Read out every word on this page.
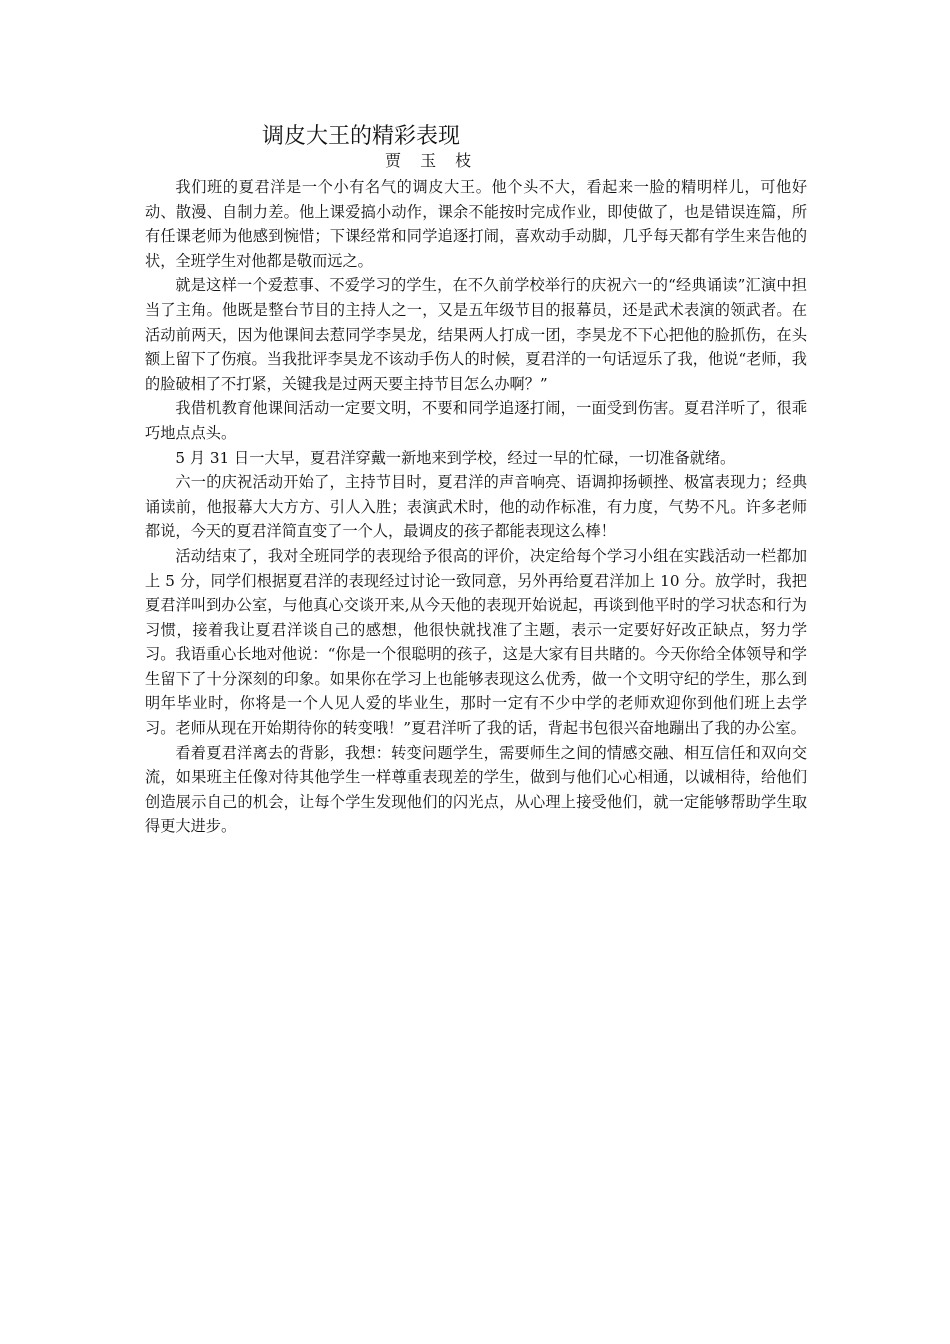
调皮大王的精彩表现
贾 玉 枝

我们班的夏君洋是一个小有名气的调皮大王。他个头不大，看起来一脸的精明样儿，可他好动、散漫、自制力差。他上课爱搞小动作，课余不能按时完成作业，即使做了，也是错误连篇，所有任课老师为他感到惋惜；下课经常和同学追逐打闹，喜欢动手动脚，几乎每天都有学生来告他的状，全班学生对他都是敬而远之。

就是这样一个爱惹事、不爱学习的学生，在不久前学校举行的庆祝六一的“经典诵读”汇演中担当了主角。他既是整台节目的主持人之一，又是五年级节目的报幕员，还是武术表演的领武者。在活动前两天，因为他课间去惹同学李昊龙，结果两人打成一团，李昊龙不下心把他的脸抓伤，在头额上留下了伤痕。当我批评李昊龙不该动手伤人的时候，夏君洋的一句话逗乐了我，他说“老师，我的脸破相了不打紧，关键我是过两天要主持节目怎么办啊？”

我借机教育他课间活动一定要文明，不要和同学追逐打闹，一面受到伤害。夏君洋听了，很乖巧地点点头。

5 月 31 日一大早，夏君洋穿戴一新地来到学校，经过一早的忙碌，一切准备就绪。

六一的庆祝活动开始了，主持节目时，夏君洋的声音响亮、语调抑扬顿挫、极富表现力；经典诵读前，他报幕大大方方、引人入胜；表演武术时，他的动作标准，有力度，气势不凡。许多老师都说，今天的夏君洋简直变了一个人，最调皮的孩子都能表现这么棒！

活动结束了，我对全班同学的表现给予很高的评价，决定给每个学习小组在实践活动一栏都加上 5 分，同学们根据夏君洋的表现经过讨论一致同意，另外再给夏君洋加上 10 分。放学时，我把夏君洋叫到办公室，与他真心交谈开来,从今天他的表现开始说起，再谈到他平时的学习状态和行为习惯，接着我让夏君洋谈自己的感想，他很快就找准了主题，表示一定要好好改正缺点，努力学习。我语重心长地对他说：“你是一个很聪明的孩子，这是大家有目共睹的。今天你给全体领导和学生留下了十分深刻的印象。如果你在学习上也能够表现这么优秀，做一个文明守纪的学生，那么到明年毕业时，你将是一个人见人爱的毕业生，那时一定有不少中学的老师欢迎你到他们班上去学习。老师从现在开始期待你的转变哦！”夏君洋听了我的话，背起书包很兴奋地蹦出了我的办公室。

看着夏君洋离去的背影，我想：转变问题学生，需要师生之间的情感交融、相互信任和双向交流，如果班主任像对待其他学生一样尊重表现差的学生，做到与他们心心相通，以诚相待，给他们创造展示自己的机会，让每个学生发现他们的闪光点，从心理上接受他们，就一定能够帮助学生取得更大进步。
